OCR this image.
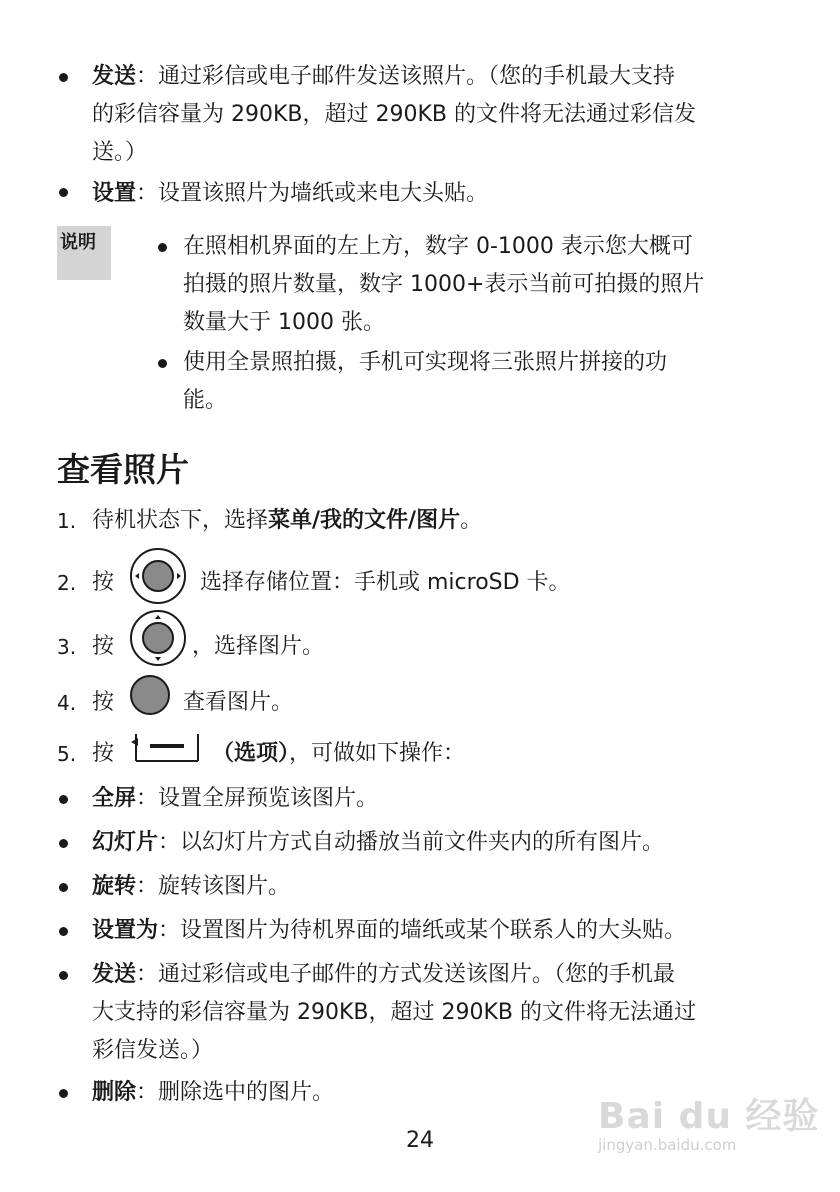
发送：通过彩信或电子邮件发送该照片。（您的手机最大支持
的彩信容量为 290KB，超过 290KB 的文件将无法通过彩信发
送。）
设置：设置该照片为墙纸或来电大头贴。
说明	在照相机界面的左上方，数字 0-1000 表示您大概可
拍摄的照片数量，数字 1000+表示当前可拍摄的照片
数量大于 1000 张。
使用全景照拍摄，手机可实现将三张照片拼接的功
能。
查看照片
1. 待机状态下，选择菜单/我的文件/图片。
2. 按	选择存储位置：手机或 microSD 卡。
3. 按	，选择图片。
4. 按	查看图片。
5. 按	（选项），可做如下操作：
全屏：设置全屏预览该图片。
幻灯片：以幻灯片方式自动播放当前文件夹内的所有图片。
旋转：旋转该图片。
设置为：设置图片为待机界面的墙纸或某个联系人的大头贴。
发送：通过彩信或电子邮件的方式发送该图片。（您的手机最
大支持的彩信容量为 290KB，超过 290KB 的文件将无法通过
彩信发送。）
删除：删除选中的图片。
Bai du 经验
jingyan.baidu.com
24
